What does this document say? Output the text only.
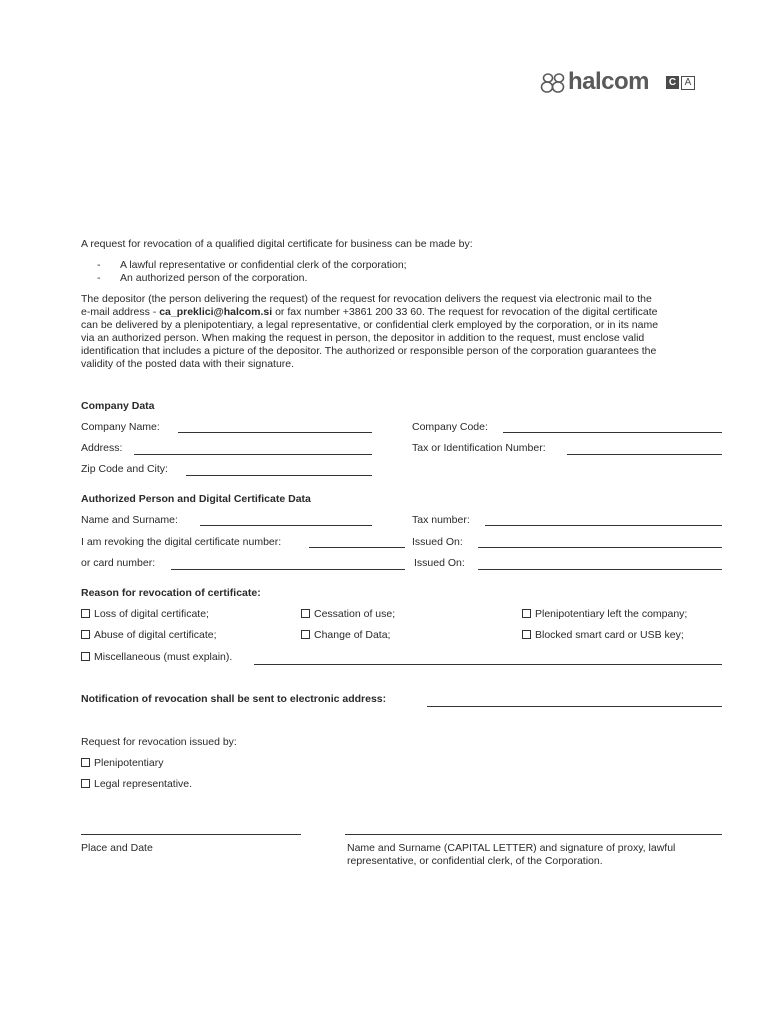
halcom C A
A request for revocation of a qualified digital certificate for business can be made by:
- A lawful representative or confidential clerk of the corporation;
- An authorized person of the corporation.
The depositor (the person delivering the request) of the request for revocation delivers the request via electronic mail to the
e-mail address - ca_preklici@halcom.si or fax number +3861 200 33 60. The request for revocation of the digital certificate
can be delivered by a plenipotentiary, a legal representative, or confidential clerk employed by the corporation, or in its name
via an authorized person. When making the request in person, the depositor in addition to the request, must enclose valid
identification that includes a picture of the depositor. The authorized or responsible person of the corporation guarantees the
validity of the posted data with their signature.
Company Data
Company Name:	Company Code:
Address:	Tax or Identification Number:
Zip Code and City:
Authorized Person and Digital Certificate Data
Name and Surname:	Tax number:
I am revoking the digital certificate number:	Issued On:
or card number:	Issued On:
Reason for revocation of certificate:
Loss of digital certificate;	Cessation of use;	Plenipotentiary left the company;
Abuse of digital certificate;	Change of Data;	Blocked smart card or USB key;
Miscellaneous (must explain).
Notification of revocation shall be sent to electronic address:
Request for revocation issued by:
Plenipotentiary
Legal representative.
Place and Date	Name and Surname (CAPITAL LETTER) and signature of proxy, lawful
representative, or confidential clerk, of the Corporation.
